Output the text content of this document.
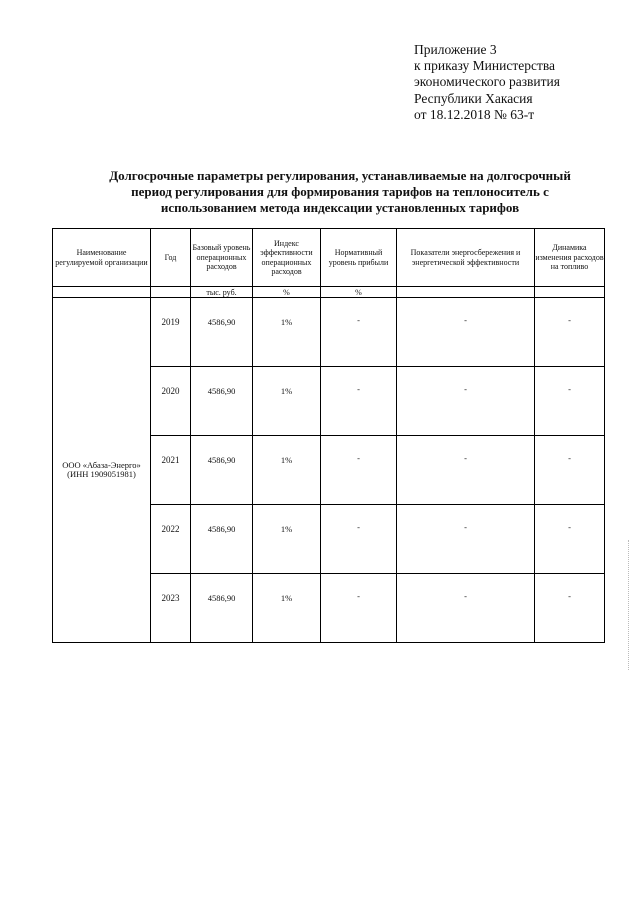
Приложение 3
к приказу Министерства
экономического развития
Республики Хакасия
от 18.12.2018 № 63-т
Долгосрочные параметры регулирования, устанавливаемые на долгосрочный
период регулирования для формирования тарифов на теплоноситель с
использованием метода индексации установленных тарифов
Наименование регулируемой организации	Год	Базовый уровень операционных расходов	Индекс эффективности операционных расходов	Нормативный уровень прибыли	Показатели энергосбережения и энергетической эффективности	Динамика изменения расходов на топливо
		тыс. руб.	%	%		
ООО «Абаза-Энерго» (ИНН 1909051981)	2019	4586,90	1%	-	-	-
	2020	4586,90	1%	-	-	-
	2021	4586,90	1%	-	-	-
	2022	4586,90	1%	-	-	-
	2023	4586,90	1%	-	-	-
